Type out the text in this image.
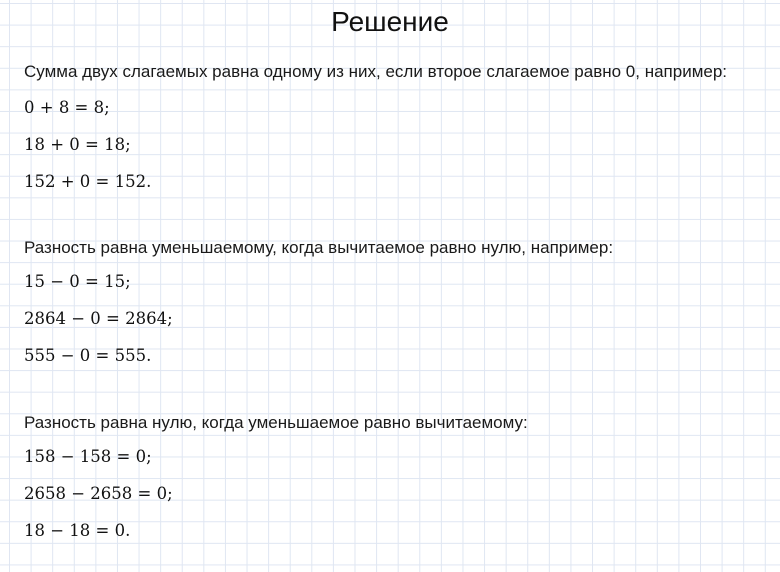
Решение
Сумма двух слагаемых равна одному из них, если второе слагаемое равно 0, например:
0 + 8 = 8;
18 + 0 = 18;
152 + 0 = 152.
Разность равна уменьшаемому, когда вычитаемое равно нулю, например:
15 − 0 = 15;
2864 − 0 = 2864;
555 − 0 = 555.
Разность равна нулю, когда уменьшаемое равно вычитаемому:
158 − 158 = 0;
2658 − 2658 = 0;
18 − 18 = 0.
